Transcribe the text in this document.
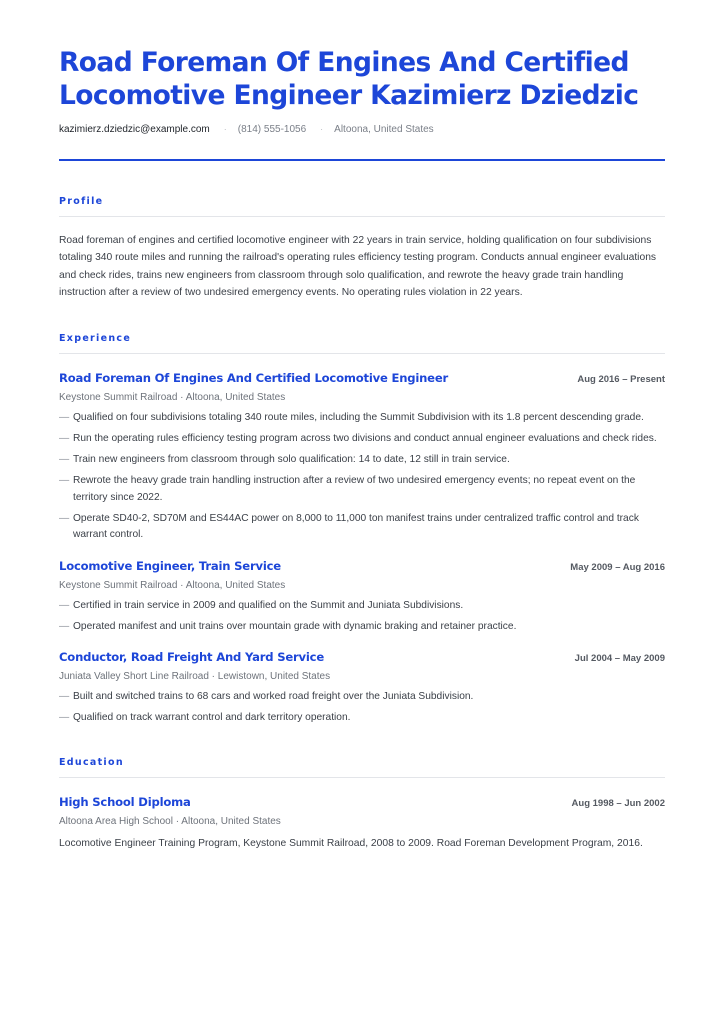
Road Foreman Of Engines And Certified
Locomotive Engineer Kazimierz Dziedzic
kazimierz.dziedzic@example.com · (814) 555-1056 · Altoona, United States
Profile

Road foreman of engines and certified locomotive engineer with 22 years in train service, holding qualification on four subdivisions totaling 340 route miles and running the railroad's operating rules efficiency testing program. Conducts annual engineer evaluations and check rides, trains new engineers from classroom through solo qualification, and rewrote the heavy grade train handling instruction after a review of two undesired emergency events. No operating rules violation in 22 years.

Experience
Road Foreman Of Engines And Certified Locomotive Engineer	Aug 2016 – Present
Keystone Summit Railroad · Altoona, United States
— Qualified on four subdivisions totaling 340 route miles, including the Summit Subdivision with its 1.8 percent descending grade.
— Run the operating rules efficiency testing program across two divisions and conduct annual engineer evaluations and check rides.
— Train new engineers from classroom through solo qualification: 14 to date, 12 still in train service.
— Rewrote the heavy grade train handling instruction after a review of two undesired emergency events; no repeat event on the territory since 2022.
— Operate SD40-2, SD70M and ES44AC power on 8,000 to 11,000 ton manifest trains under centralized traffic control and track warrant control.
Locomotive Engineer, Train Service	May 2009 – Aug 2016
Keystone Summit Railroad · Altoona, United States
— Certified in train service in 2009 and qualified on the Summit and Juniata Subdivisions.
— Operated manifest and unit trains over mountain grade with dynamic braking and retainer practice.
Conductor, Road Freight And Yard Service	Jul 2004 – May 2009
Juniata Valley Short Line Railroad · Lewistown, United States
— Built and switched trains to 68 cars and worked road freight over the Juniata Subdivision.
— Qualified on track warrant control and dark territory operation.
Education
High School Diploma	Aug 1998 – Jun 2002
Altoona Area High School · Altoona, United States

Locomotive Engineer Training Program, Keystone Summit Railroad, 2008 to 2009. Road Foreman Development Program, 2016.
